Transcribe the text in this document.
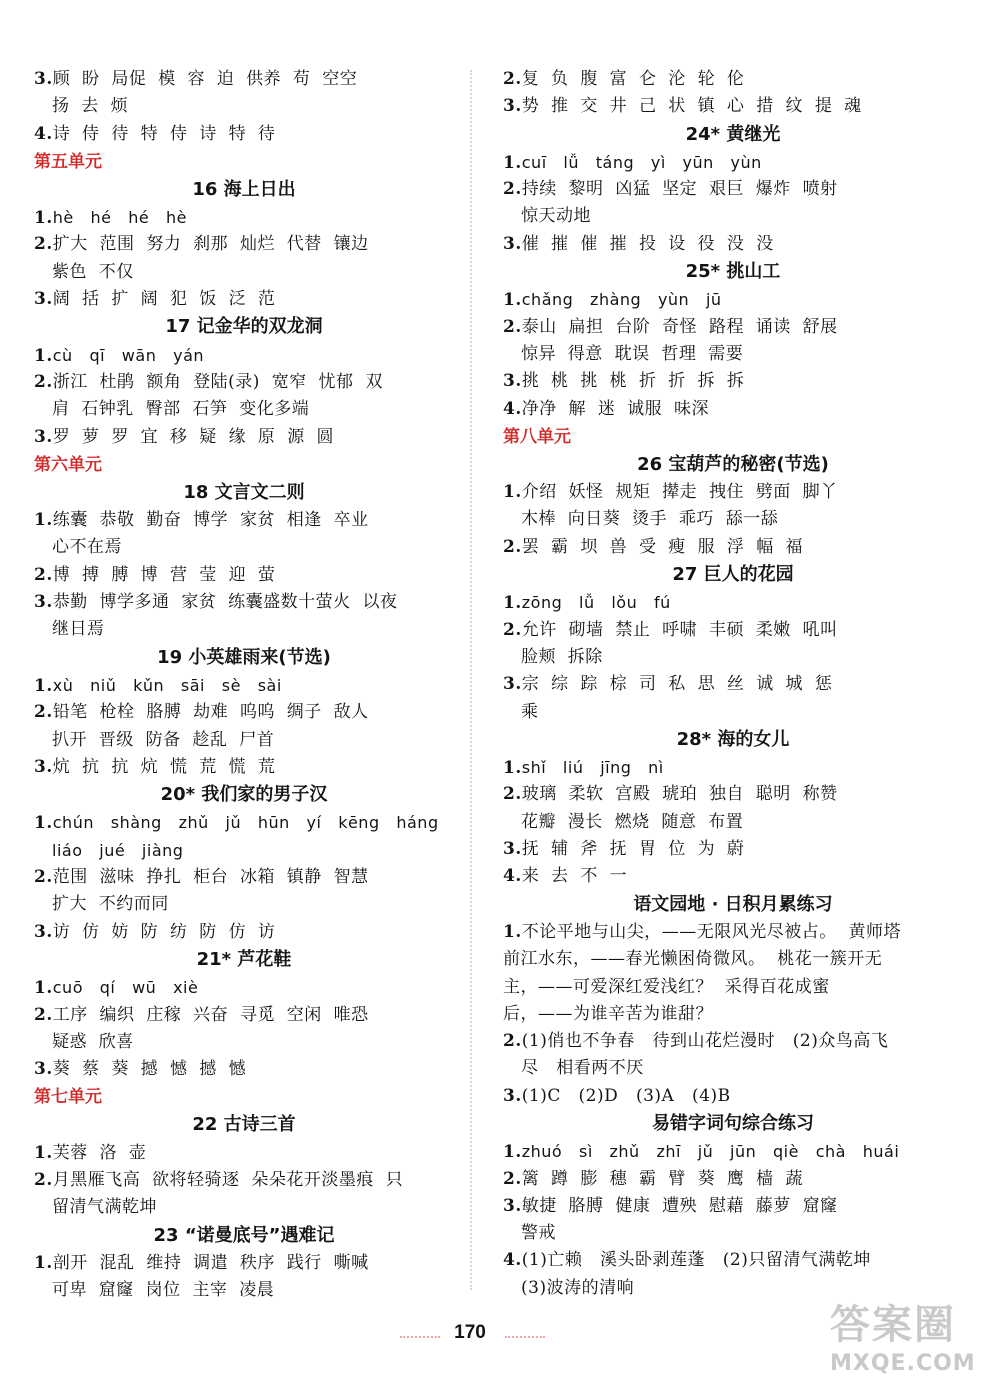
3.顾  盼  局促  模  容  迫  供养  苟  空空
扬  去  烦
4.诗  侍  待  特  侍  诗  特  待
第五单元
16 海上日出
1.hè   hé   hé   hè
2.扩大  范围  努力  刹那  灿烂  代替  镶边
紫色  不仅
3.阔  括  扩  阔  犯  饭  泛  范
17 记金华的双龙洞
1.cù   qī   wān   yán
2.浙江  杜鹃  额角  登陆(录)  宽窄  忧郁  双
肩  石钟乳  臀部  石笋  变化多端
3.罗  萝  罗  宜  移  疑  缘  原  源  圆
第六单元
18 文言文二则
1.练囊  恭敬  勤奋  博学  家贫  相逢  卒业
心不在焉
2.博  搏  膊  博  营  莹  迎  萤
3.恭勤  博学多通  家贫  练囊盛数十萤火  以夜
继日焉
19 小英雄雨来(节选)
1.xù   niǔ   kǔn   sāi   sè   sài
2.铅笔  枪栓  胳膊  劫难  呜呜  绸子  敌人
扒开  晋级  防备  趁乱  尸首
3.炕  抗  抗  炕  慌  荒  慌  荒
20* 我们家的男子汉
1.chún   shàng   zhǔ   jǔ   hūn   yí   kēng   háng
liáo   jué   jiàng
2.范围  滋味  挣扎  柜台  冰箱  镇静  智慧
扩大  不约而同
3.访  仿  妨  防  纺  防  仿  访
21* 芦花鞋
1.cuō   qí   wū   xiè
2.工序  编织  庄稼  兴奋  寻觅  空闲  唯恐
疑惑  欣喜
3.葵  蔡  葵  撼  憾  撼  憾
第七单元
22 古诗三首
1.芙蓉  洛  壶
2.月黑雁飞高  欲将轻骑逐  朵朵花开淡墨痕  只
留清气满乾坤
23 “诺曼底号”遇难记
1.剖开  混乱  维持  调遣  秩序  践行  嘶喊
可卑  窟窿  岗位  主宰  凌晨
2.复  负  腹  富  仑  沦  轮  伦
3.势  推  交  井  己  状  镇  心  措  纹  提  魂
24* 黄继光
1.cuī   lǚ   táng   yì   yūn   yùn
2.持续  黎明  凶猛  坚定  艰巨  爆炸  喷射
惊天动地
3.催  摧  催  摧  投  设  役  没  没
25* 挑山工
1.chǎng   zhàng   yùn   jū
2.泰山  扁担  台阶  奇怪  路程  诵读  舒展
惊异  得意  耽误  哲理  需要
3.挑  桃  挑  桃  折  折  拆  拆
4.净净  解  迷  诚服  味深
第八单元
26 宝葫芦的秘密(节选)
1.介绍  妖怪  规矩  撵走  拽住  劈面  脚丫
木棒  向日葵  烫手  乖巧  舔一舔
2.罢  霸  坝  兽  受  瘦  服  浮  幅  福
27 巨人的花园
1.zōng   lǚ   lǒu   fú
2.允许  砌墙  禁止  呼啸  丰硕  柔嫩  吼叫
脸颊  拆除
3.宗  综  踪  棕  司  私  思  丝  诚  城  惩
乘
28* 海的女儿
1.shǐ   liú   jīng   nì
2.玻璃  柔软  宫殿  琥珀  独自  聪明  称赞
花瓣  漫长  燃烧  随意  布置
3.抚  辅  斧  抚  胃  位  为  蔚
4.来  去  不  一
语文园地 · 日积月累练习
1.不论平地与山尖，——无限风光尽被占。  黄师塔
前江水东，——春光懒困倚微风。  桃花一簇开无
主，——可爱深红爱浅红？  采得百花成蜜
后，——为谁辛苦为谁甜？
2.(1)俏也不争春   待到山花烂漫时   (2)众鸟高飞
尽   相看两不厌
3.(1)C   (2)D   (3)A   (4)B
易错字词句综合练习
1.zhuó   sì   zhǔ   zhī   jǔ   jūn   qiè   chà   huái
2.篱  蹲  膨  穗  霸  臂  葵  鹰  樯  蔬
3.敏捷  胳膊  健康  遭殃  慰藉  藤萝  窟窿
警戒
4.(1)亡赖   溪头卧剥莲蓬   (2)只留清气满乾坤
(3)波涛的清响
170	答案圈
MXQE.COM
